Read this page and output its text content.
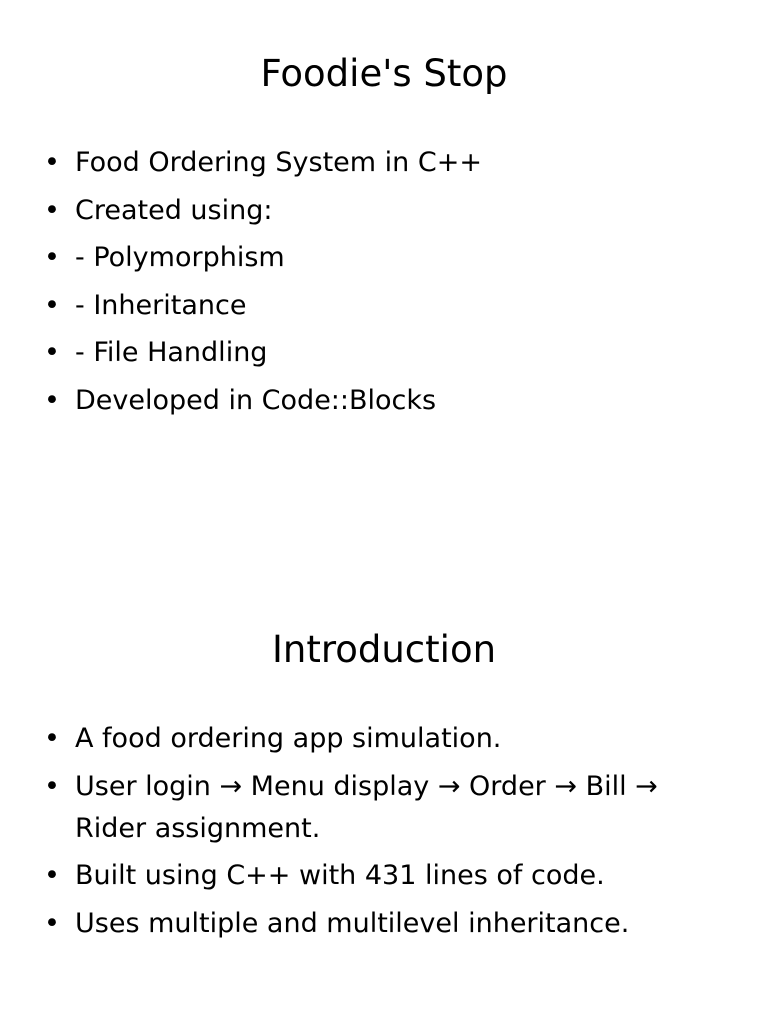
Foodie's Stop
• Food Ordering System in C++
• Created using:
• - Polymorphism
• - Inheritance
• - File Handling
• Developed in Code::Blocks
Introduction
• A food ordering app simulation.
• User login → Menu display → Order → Bill → Rider assignment.
• Built using C++ with 431 lines of code.
• Uses multiple and multilevel inheritance.
